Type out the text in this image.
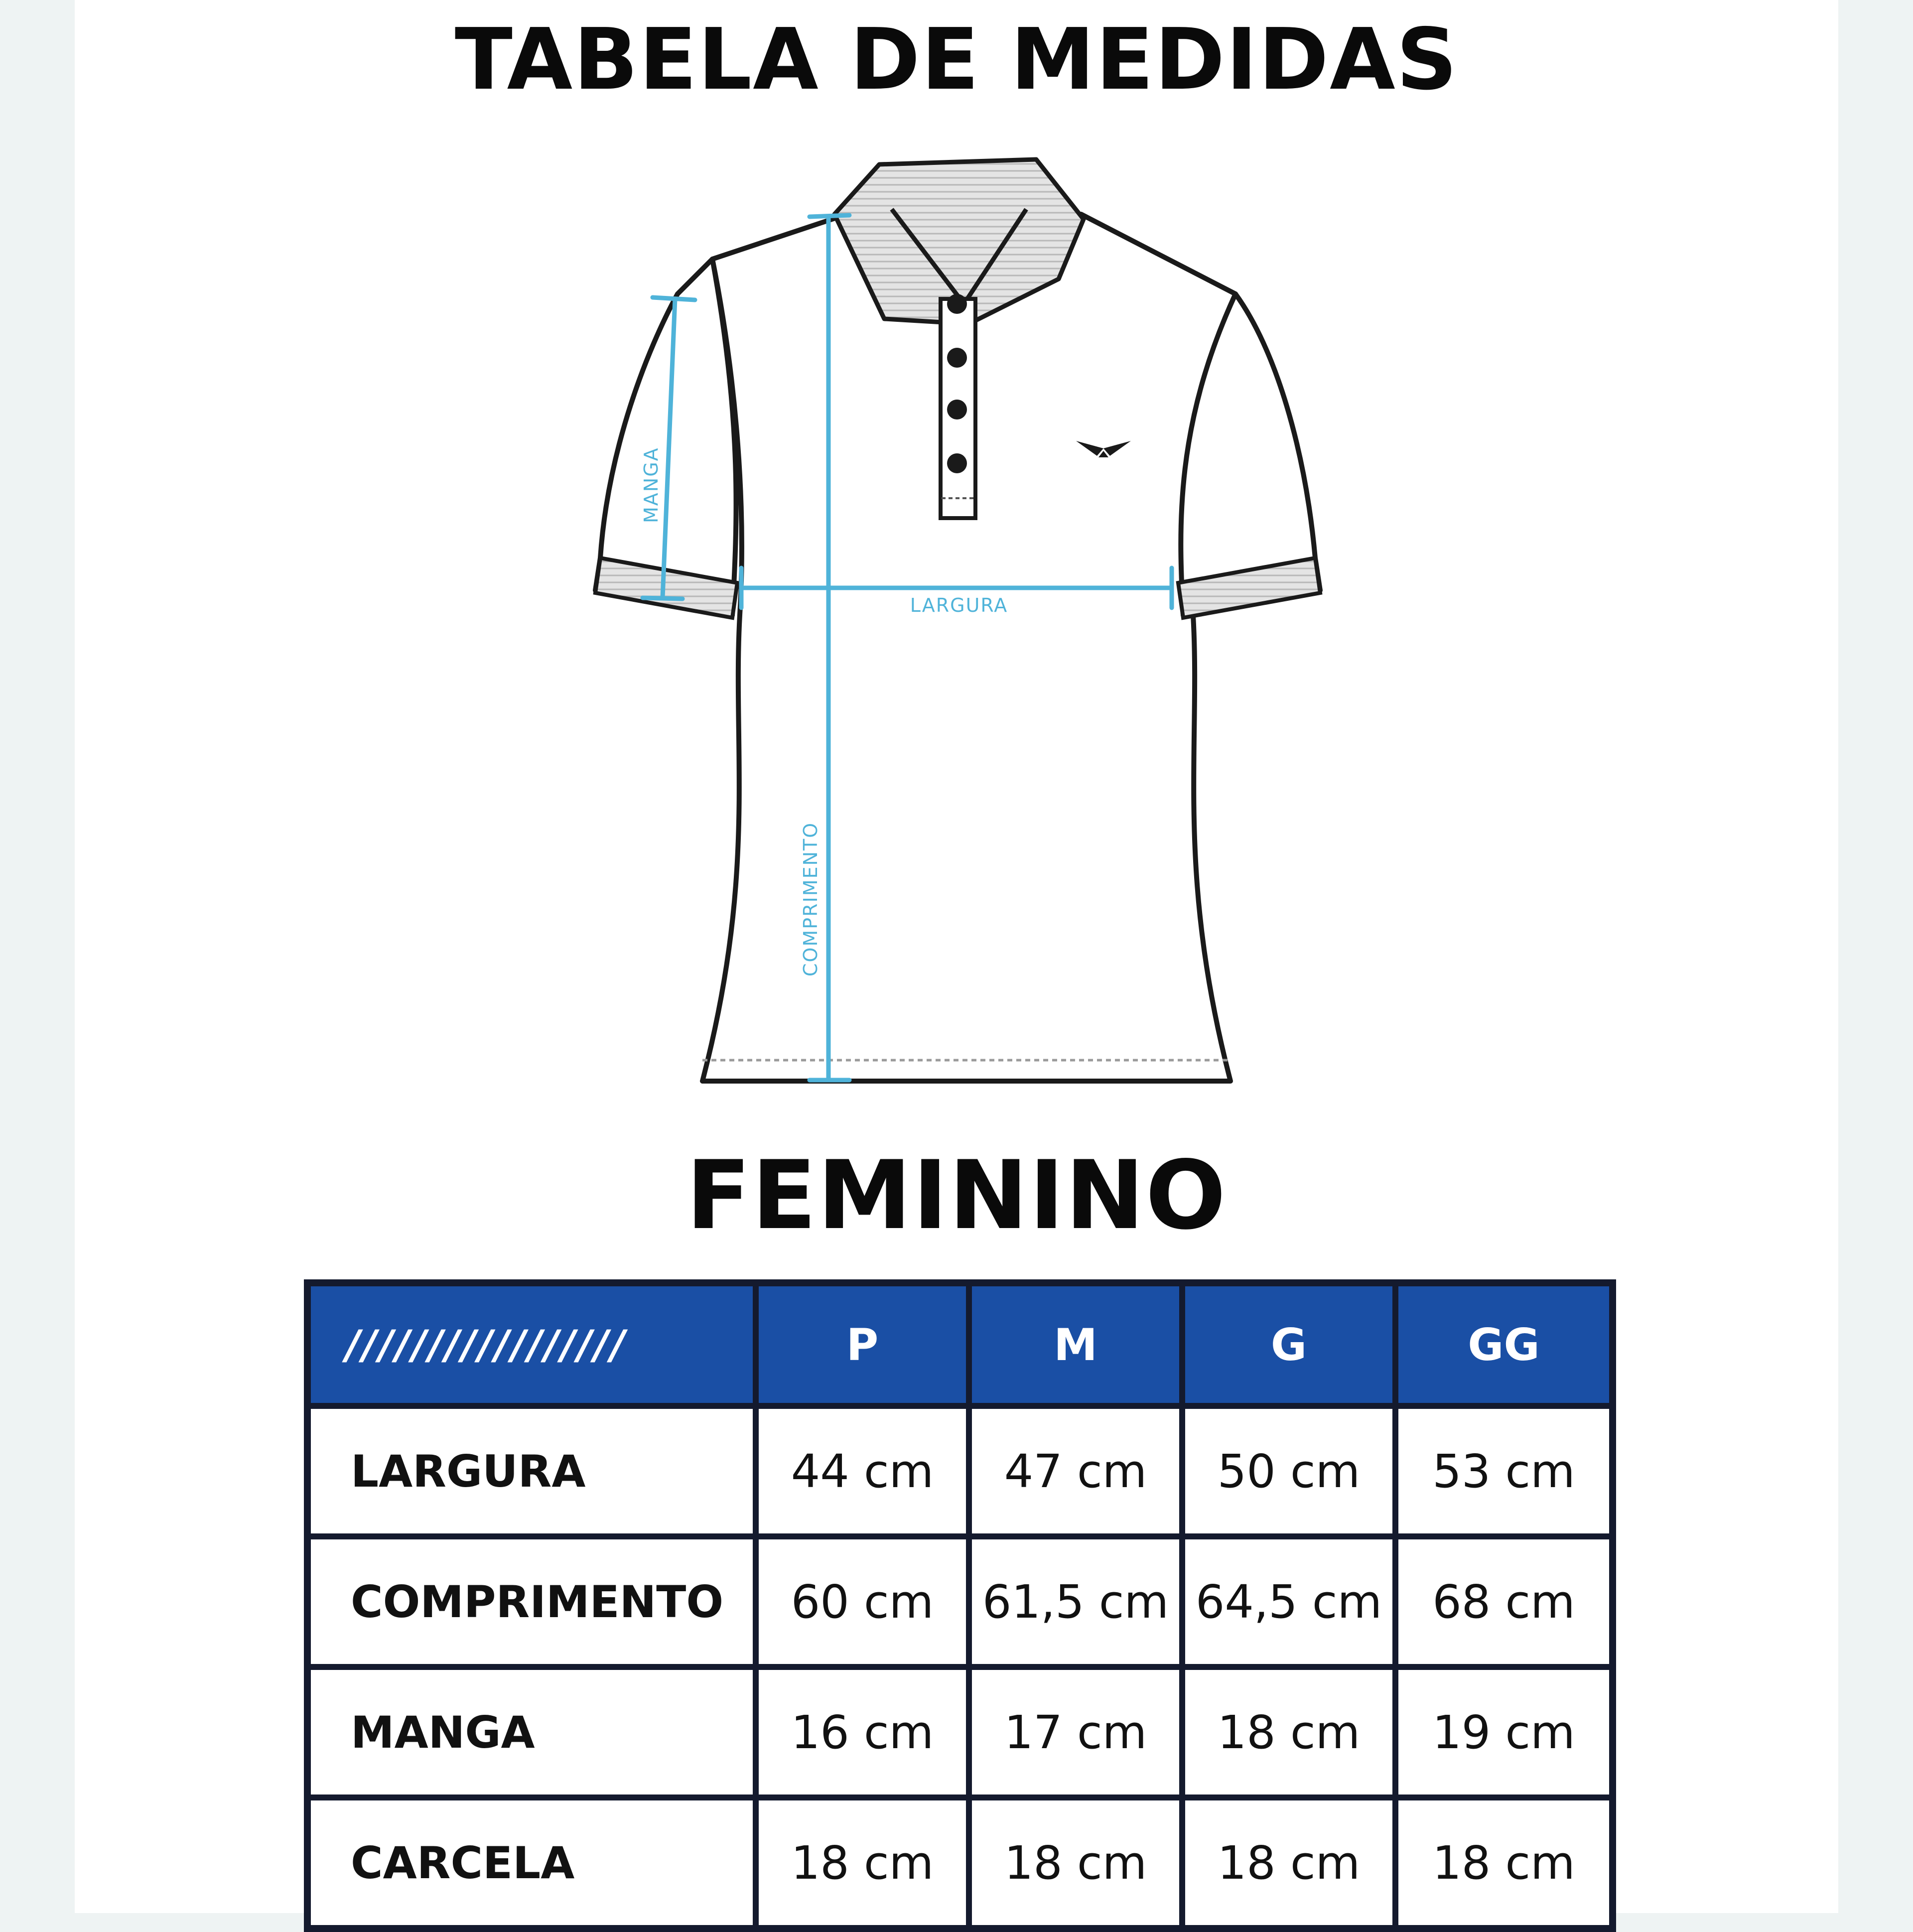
TABELA DE MEDIDAS
MANGA
LARGURA
COMPRIMENTO
FEMININO
/////////////////	P	M	G	GG
LARGURA	44 cm	47 cm	50 cm	53 cm
COMPRIMENTO	60 cm	61,5 cm	64,5 cm	68 cm
MANGA	16 cm	17 cm	18 cm	19 cm
CARCELA	18 cm	18 cm	18 cm	18 cm
